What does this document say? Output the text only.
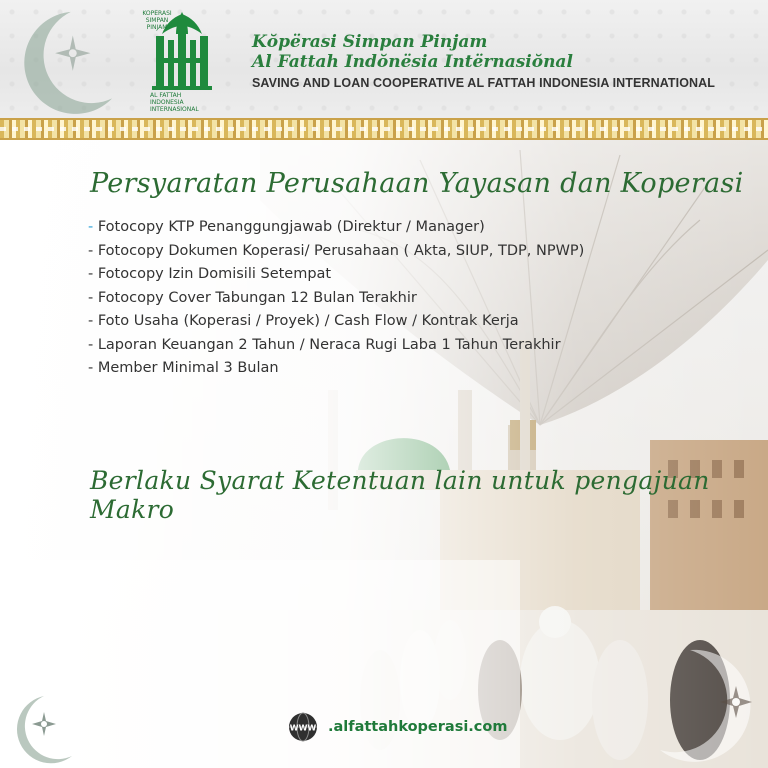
KOPERASI SIMPAN PINJAM
AL FATTAH INDONESIA INTERNASIONAL
Kŏpërasi Simpan Pinjam
Al Fattah Indŏnësia Intërnasiŏnal
SAVING AND LOAN COOPERATIVE AL FATTAH INDONESIA INTERNATIONAL
Persyaratan Perusahaan Yayasan dan Koperasi
- Fotocopy KTP Penanggungjawab (Direktur / Manager)
- Fotocopy Dokumen Koperasi/ Perusahaan ( Akta, SIUP, TDP, NPWP)
- Fotocopy Izin Domisili Setempat
- Fotocopy Cover Tabungan 12 Bulan Terakhir
- Foto Usaha (Koperasi / Proyek) / Cash Flow / Kontrak Kerja
- Laporan Keuangan 2 Tahun / Neraca Rugi Laba 1 Tahun Terakhir
- Member Minimal 3 Bulan
Berlaku Syarat Ketentuan lain untuk pengajuan Makro
WWW .alfattahkoperasi.com
